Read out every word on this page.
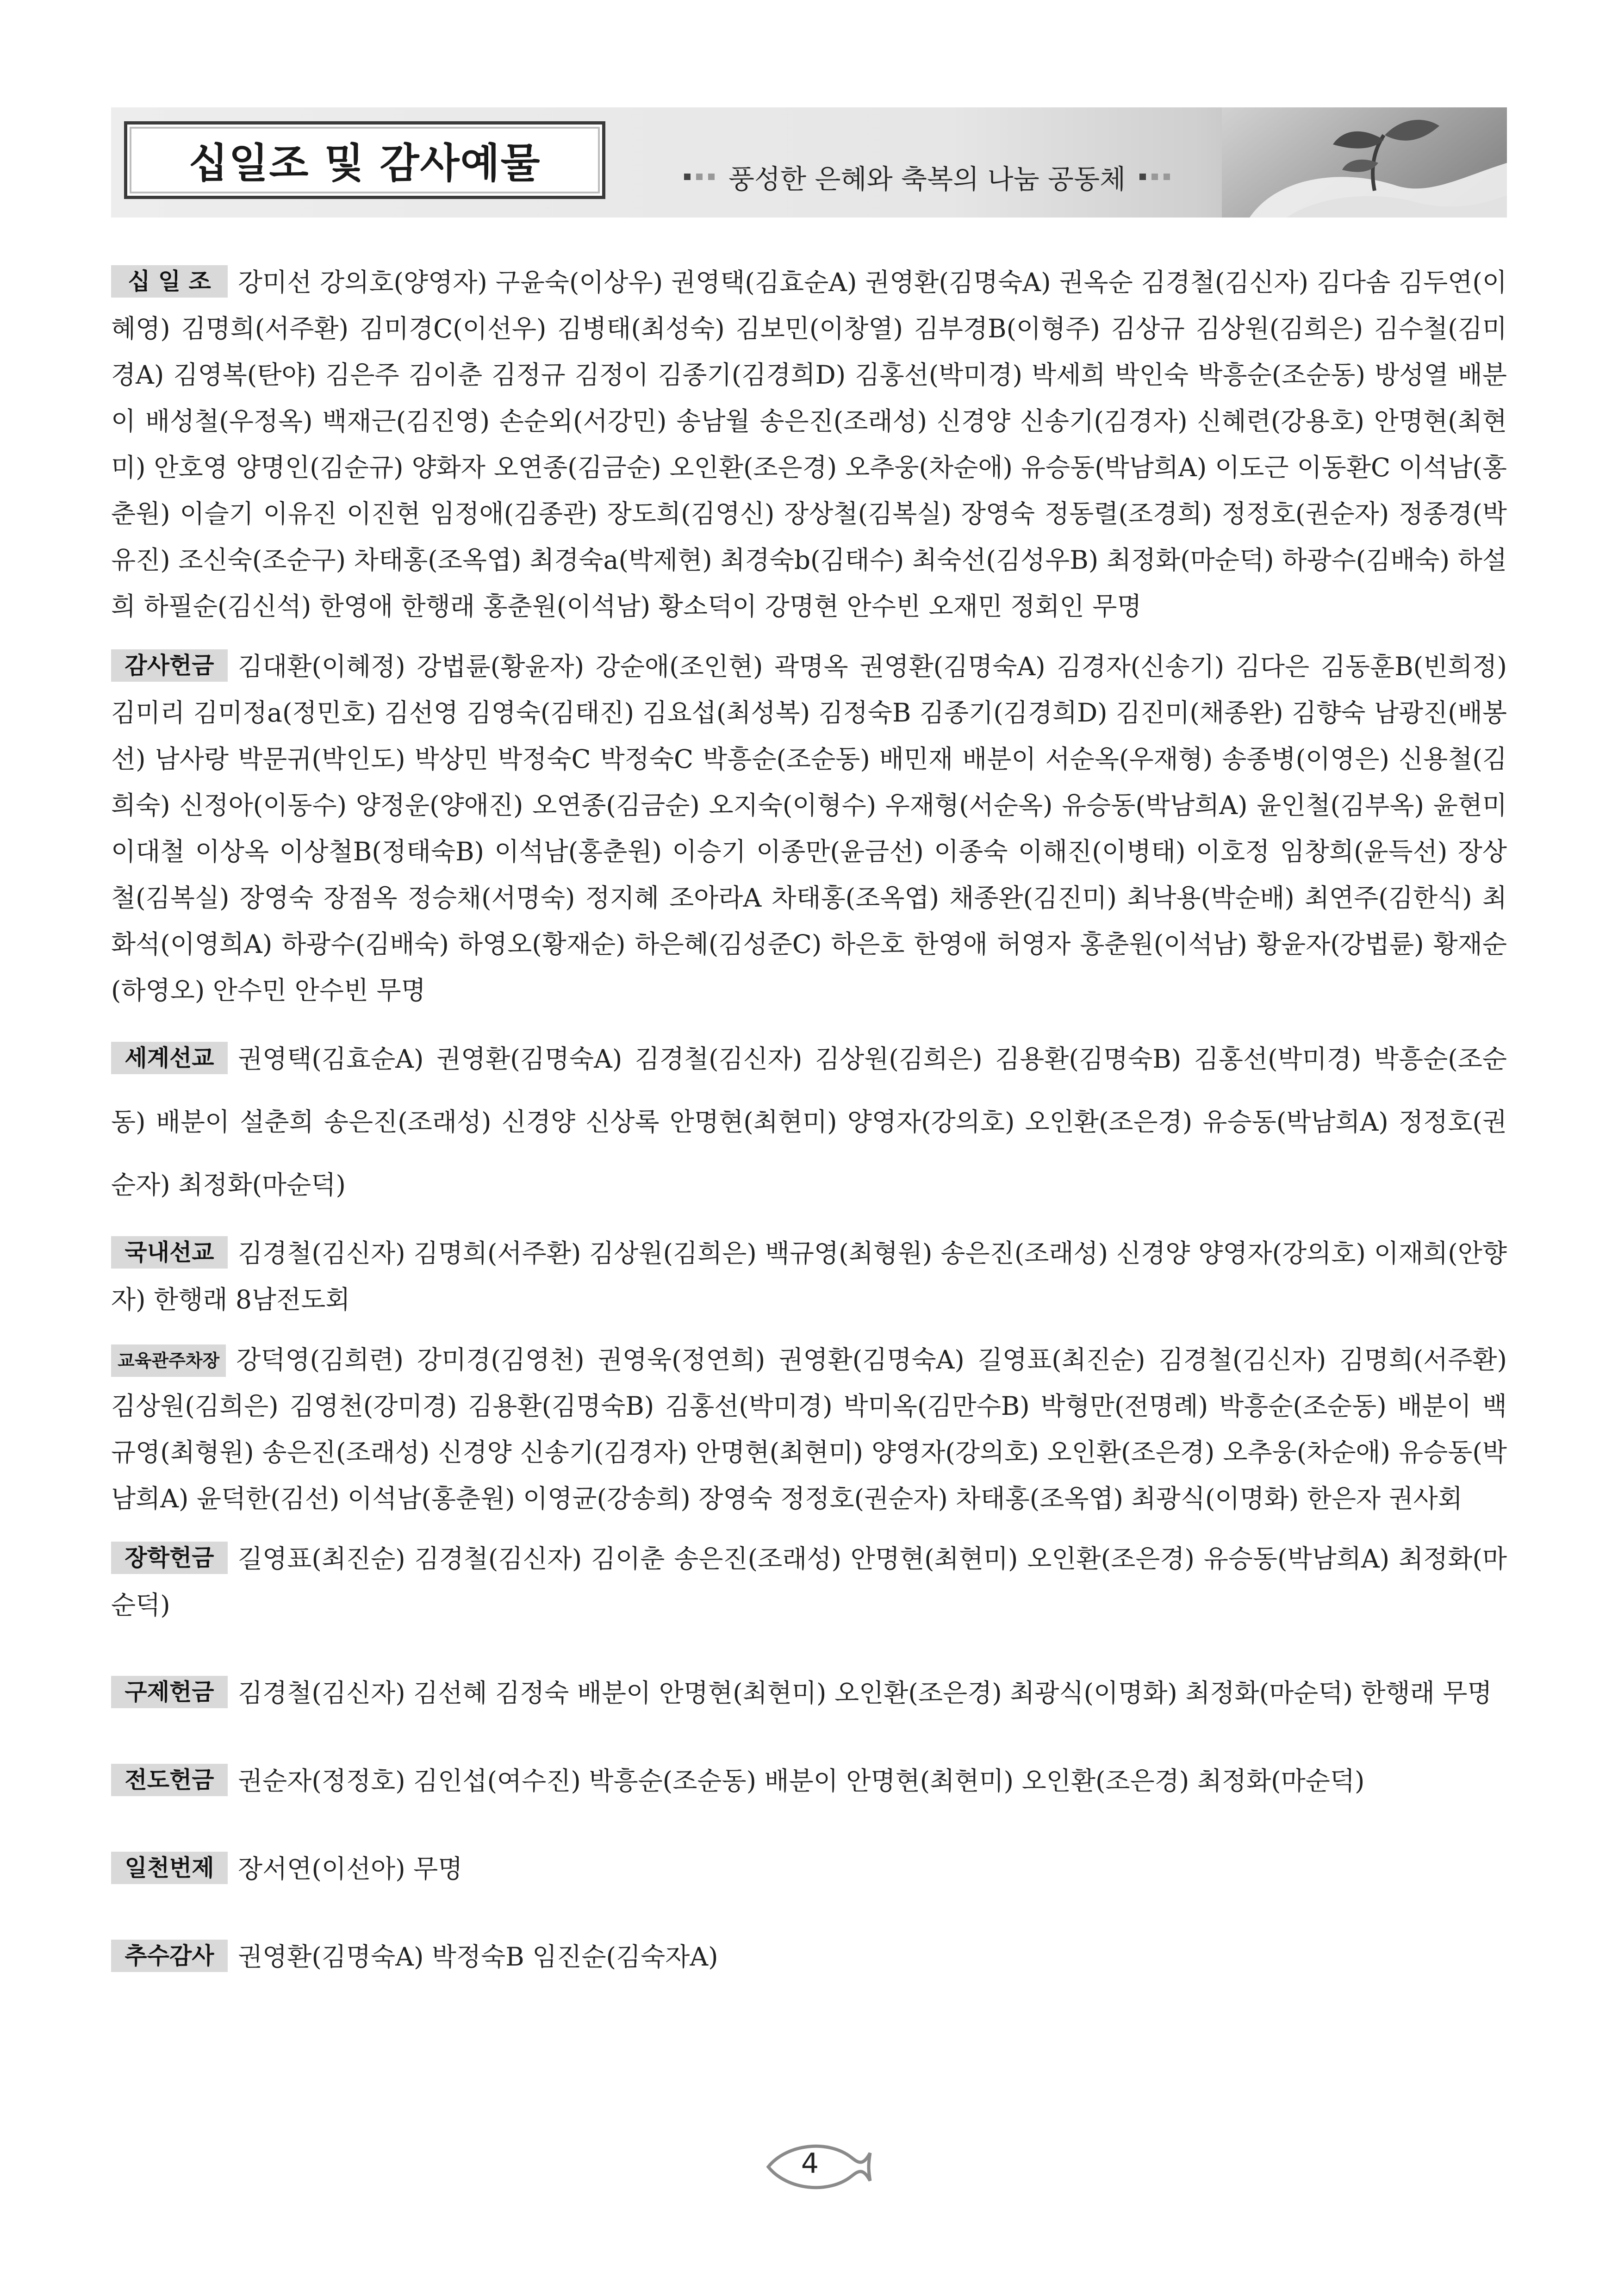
십일조 및 감사예물	풍성한 은혜와 축복의 나눔 공동체

십 일 조 강미선 강의호(양영자) 구윤숙(이상우) 권영택(김효순A) 권영환(김명숙A) 권옥순 김경철(김신자) 김다솜 김두연(이혜영) 김명희(서주환) 김미경C(이선우) 김병태(최성숙) 김보민(이창열) 김부경B(이형주) 김상규 김상원(김희은) 김수철(김미경A) 김영복(탄야) 김은주 김이춘 김정규 김정이 김종기(김경희D) 김홍선(박미경) 박세희 박인숙 박흥순(조순동) 방성열 배분이 배성철(우정옥) 백재근(김진영) 손순외(서강민) 송남월 송은진(조래성) 신경양 신송기(김경자) 신혜련(강용호) 안명현(최현미) 안호영 양명인(김순규) 양화자 오연종(김금순) 오인환(조은경) 오추웅(차순애) 유승동(박남희A) 이도근 이동환C 이석남(홍춘원) 이슬기 이유진 이진현 임정애(김종관) 장도희(김영신) 장상철(김복실) 장영숙 정동렬(조경희) 정정호(권순자) 정종경(박유진) 조신숙(조순구) 차태홍(조옥엽) 최경숙a(박제현) 최경숙b(김태수) 최숙선(김성우B) 최정화(마순덕) 하광수(김배숙) 하설희 하필순(김신석) 한영애 한행래 홍춘원(이석남) 황소덕이 강명현 안수빈 오재민 정회인 무명

감사헌금 김대환(이혜정) 강법륜(황윤자) 강순애(조인현) 곽명옥 권영환(김명숙A) 김경자(신송기) 김다은 김동훈B(빈희정) 김미리 김미정a(정민호) 김선영 김영숙(김태진) 김요섭(최성복) 김정숙B 김종기(김경희D) 김진미(채종완) 김향숙 남광진(배봉선) 남사랑 박문귀(박인도) 박상민 박정숙C 박정숙C 박흥순(조순동) 배민재 배분이 서순옥(우재형) 송종병(이영은) 신용철(김희숙) 신정아(이동수) 양정운(양애진) 오연종(김금순) 오지숙(이형수) 우재형(서순옥) 유승동(박남희A) 윤인철(김부옥) 윤현미 이대철 이상옥 이상철B(정태숙B) 이석남(홍춘원) 이승기 이종만(윤금선) 이종숙 이해진(이병태) 이호정 임창희(윤득선) 장상철(김복실) 장영숙 장점옥 정승채(서명숙) 정지혜 조아라A 차태홍(조옥엽) 채종완(김진미) 최낙용(박순배) 최연주(김한식) 최화석(이영희A) 하광수(김배숙) 하영오(황재순) 하은혜(김성준C) 하은호 한영애 허영자 홍춘원(이석남) 황윤자(강법륜) 황재순(하영오) 안수민 안수빈 무명

세계선교 권영택(김효순A) 권영환(김명숙A) 김경철(김신자) 김상원(김희은) 김용환(김명숙B) 김홍선(박미경) 박흥순(조순동) 배분이 설춘희 송은진(조래성) 신경양 신상록 안명현(최현미) 양영자(강의호) 오인환(조은경) 유승동(박남희A) 정정호(권순자) 최정화(마순덕)

국내선교 김경철(김신자) 김명희(서주환) 김상원(김희은) 백규영(최형원) 송은진(조래성) 신경양 양영자(강의호) 이재희(안향자) 한행래 8남전도회

교육관주차장 강덕영(김희련) 강미경(김영천) 권영욱(정연희) 권영환(김명숙A) 길영표(최진순) 김경철(김신자) 김명희(서주환) 김상원(김희은) 김영천(강미경) 김용환(김명숙B) 김홍선(박미경) 박미옥(김만수B) 박형만(전명례) 박흥순(조순동) 배분이 백규영(최형원) 송은진(조래성) 신경양 신송기(김경자) 안명현(최현미) 양영자(강의호) 오인환(조은경) 오추웅(차순애) 유승동(박남희A) 윤덕한(김선) 이석남(홍춘원) 이영균(강송희) 장영숙 정정호(권순자) 차태홍(조옥엽) 최광식(이명화) 한은자 권사회

장학헌금 길영표(최진순) 김경철(김신자) 김이춘 송은진(조래성) 안명현(최현미) 오인환(조은경) 유승동(박남희A) 최정화(마순덕)

구제헌금 김경철(김신자) 김선혜 김정숙 배분이 안명현(최현미) 오인환(조은경) 최광식(이명화) 최정화(마순덕) 한행래 무명

전도헌금 권순자(정정호) 김인섭(여수진) 박흥순(조순동) 배분이 안명현(최현미) 오인환(조은경) 최정화(마순덕)

일천번제 장서연(이선아) 무명

추수감사 권영환(김명숙A) 박정숙B 임진순(김숙자A)

4
